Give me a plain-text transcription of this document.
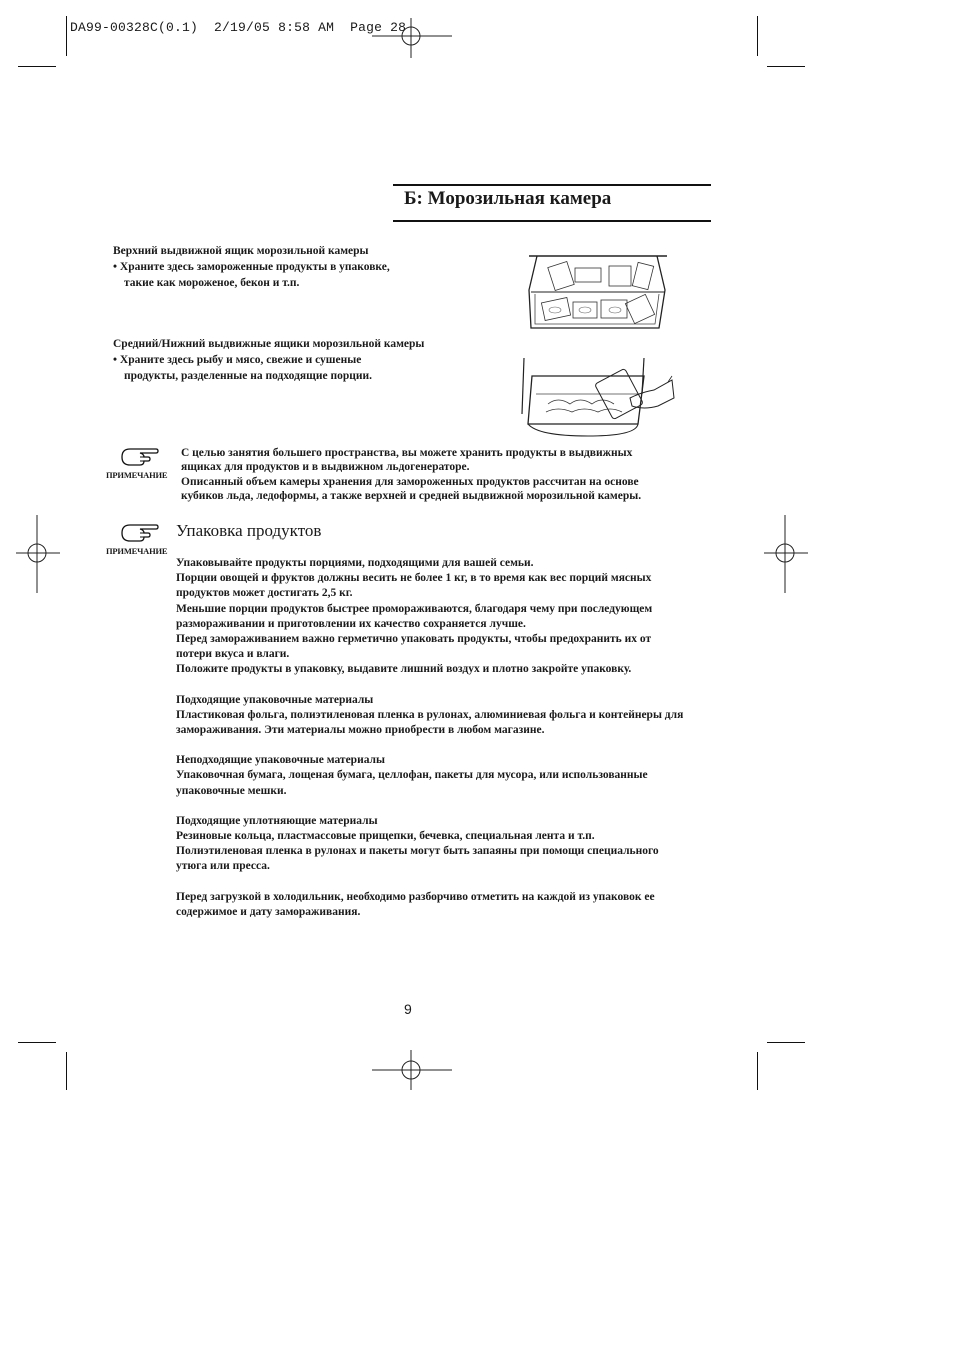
DA99-00328C(0.1) 2/19/05 8:58 AM Page 28
Б: Морозильная камера
Верхний выдвижной ящик морозильной камеры
• Храните здесь замороженные продукты в упаковке,
такие как мороженое, бекон и т.п.
Средний/Нижний выдвижные ящики морозильной камеры
• Храните здесь рыбу и мясо, свежие и сушеные
продукты, разделенные на подходящие порции.
ПРИМЕЧАНИЕ
С целью занятия большего пространства, вы можете хранить продукты в выдвижных
ящиках для продуктов и в выдвижном льдогенераторе.
Описанный объем камеры хранения для замороженных продуктов рассчитан на основе
кубиков льда, ледоформы, а также верхней и средней выдвижной морозильной камеры.
ПРИМЕЧАНИЕ
Упаковка продуктов
Упаковывайте продукты порциями, подходящими для вашей семьи.
Порции овощей и фруктов должны весить не более 1 кг, в то время как вес порций мясных
продуктов может достигать 2,5 кг.
Меньшие порции продуктов быстрее промораживаются, благодаря чему при последующем
размораживании и приготовлении их качество сохраняется лучше.
Перед замораживанием важно герметично упаковать продукты, чтобы предохранить их от
потери вкуса и влаги.
Положите продукты в упаковку, выдавите лишний воздух и плотно закройте упаковку.
Подходящие упаковочные материалы
Пластиковая фольга, полиэтиленовая пленка в рулонах, алюминиевая фольга и контейнеры для
замораживания. Эти материалы можно приобрести в любом магазине.
Неподходящие упаковочные материалы
Упаковочная бумага, лощеная бумага, целлофан, пакеты для мусора, или использованные
упаковочные мешки.
Подходящие уплотняющие материалы
Резиновые кольца, пластмассовые прищепки, бечевка, специальная лента и т.п.
Полиэтиленовая пленка в рулонах и пакеты могут быть запаяны при помощи специального
утюга или пресса.
Перед загрузкой в холодильник, необходимо разборчиво отметить на каждой из упаковок ее
содержимое и дату замораживания.
9
